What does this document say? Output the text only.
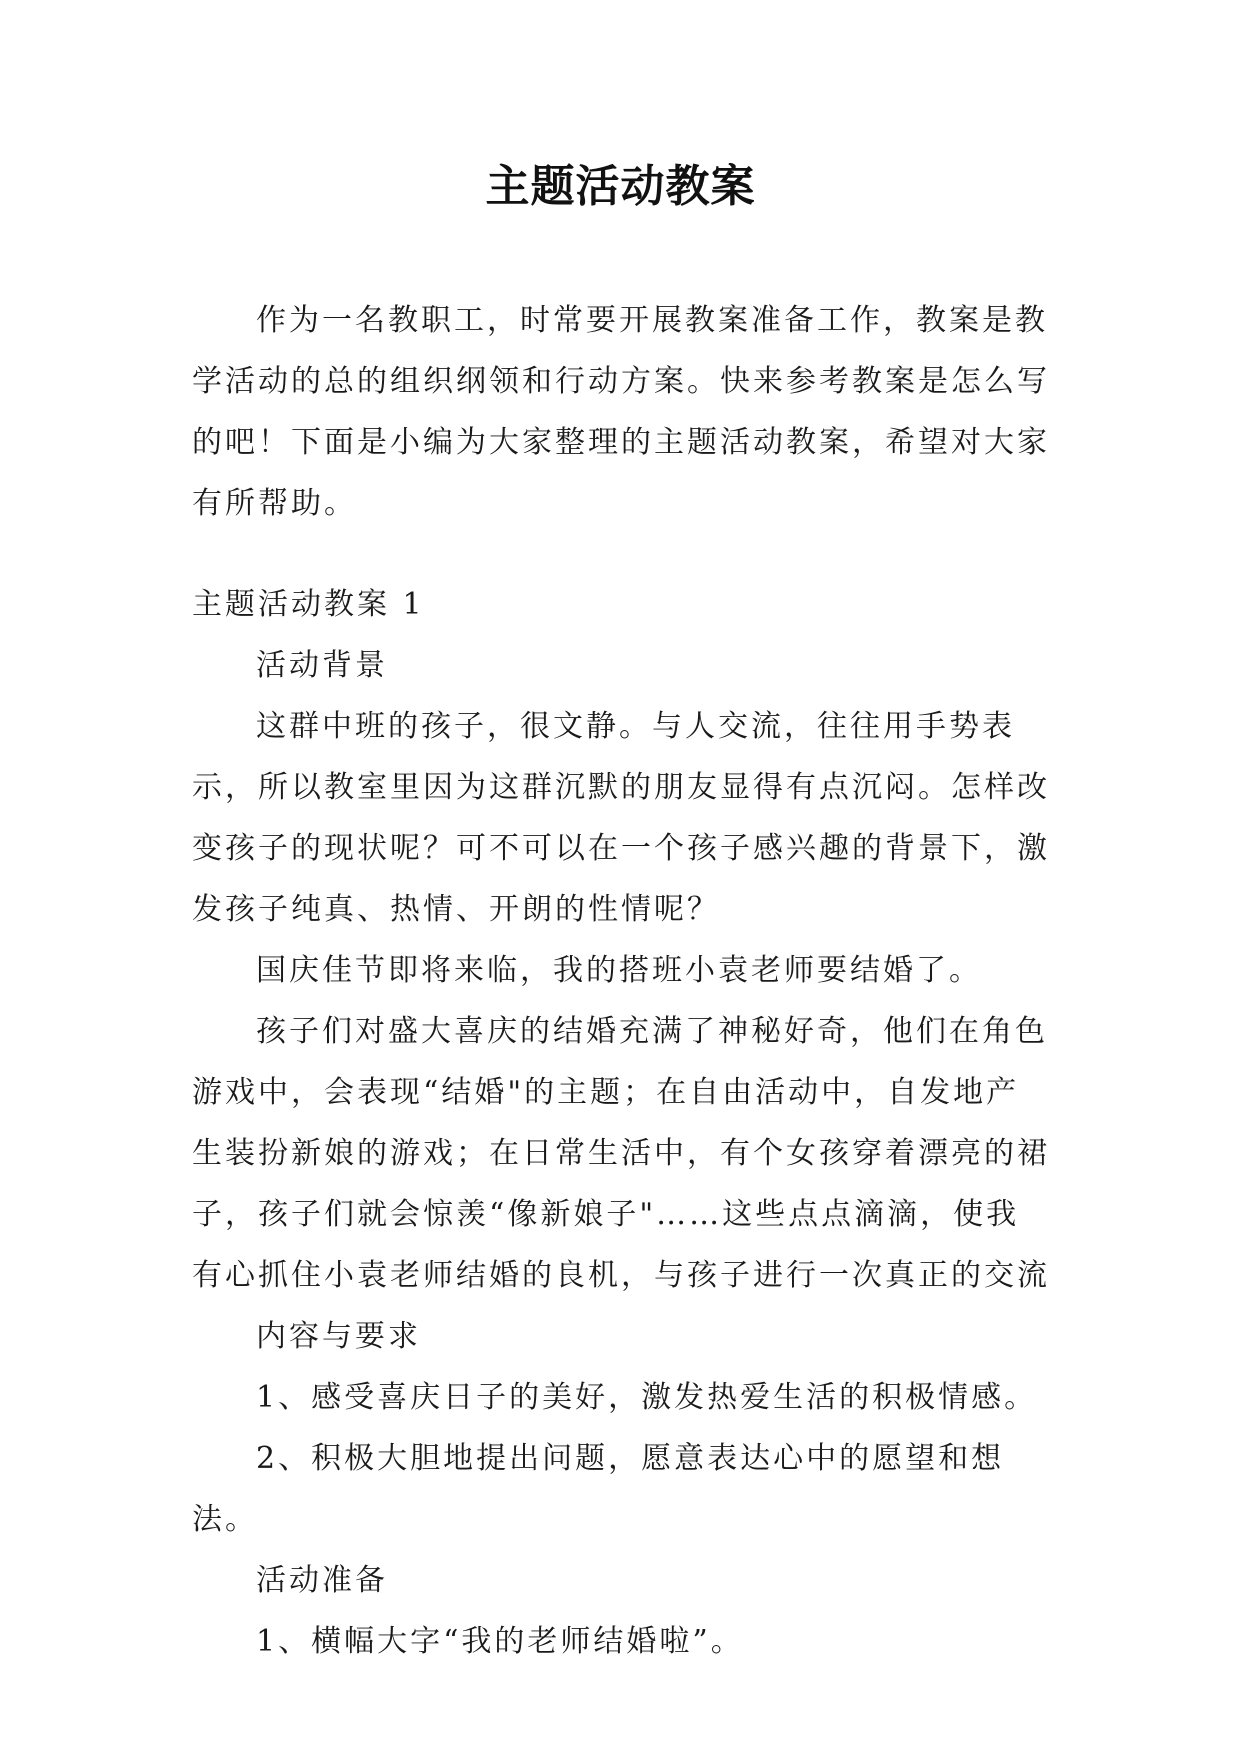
主题活动教案

作为一名教职工，时常要开展教案准备工作，教案是教学活动的总的组织纲领和行动方案。快来参考教案是怎么写的吧！下面是小编为大家整理的主题活动教案，希望对大家有所帮助。

主题活动教案 1

活动背景

这群中班的孩子，很文静。与人交流，往往用手势表示，所以教室里因为这群沉默的朋友显得有点沉闷。怎样改变孩子的现状呢？可不可以在一个孩子感兴趣的背景下，激发孩子纯真、热情、开朗的性情呢？

国庆佳节即将来临，我的搭班小袁老师要结婚了。

孩子们对盛大喜庆的结婚充满了神秘好奇，他们在角色游戏中，会表现“结婚"的主题；在自由活动中，自发地产生装扮新娘的游戏；在日常生活中，有个女孩穿着漂亮的裙子，孩子们就会惊羡“像新娘子"……这些点点滴滴，使我有心抓住小袁老师结婚的良机，与孩子进行一次真正的交流

内容与要求

1、感受喜庆日子的美好，激发热爱生活的积极情感。

2、积极大胆地提出问题，愿意表达心中的愿望和想法。

活动准备

1、横幅大字“我的老师结婚啦”。
